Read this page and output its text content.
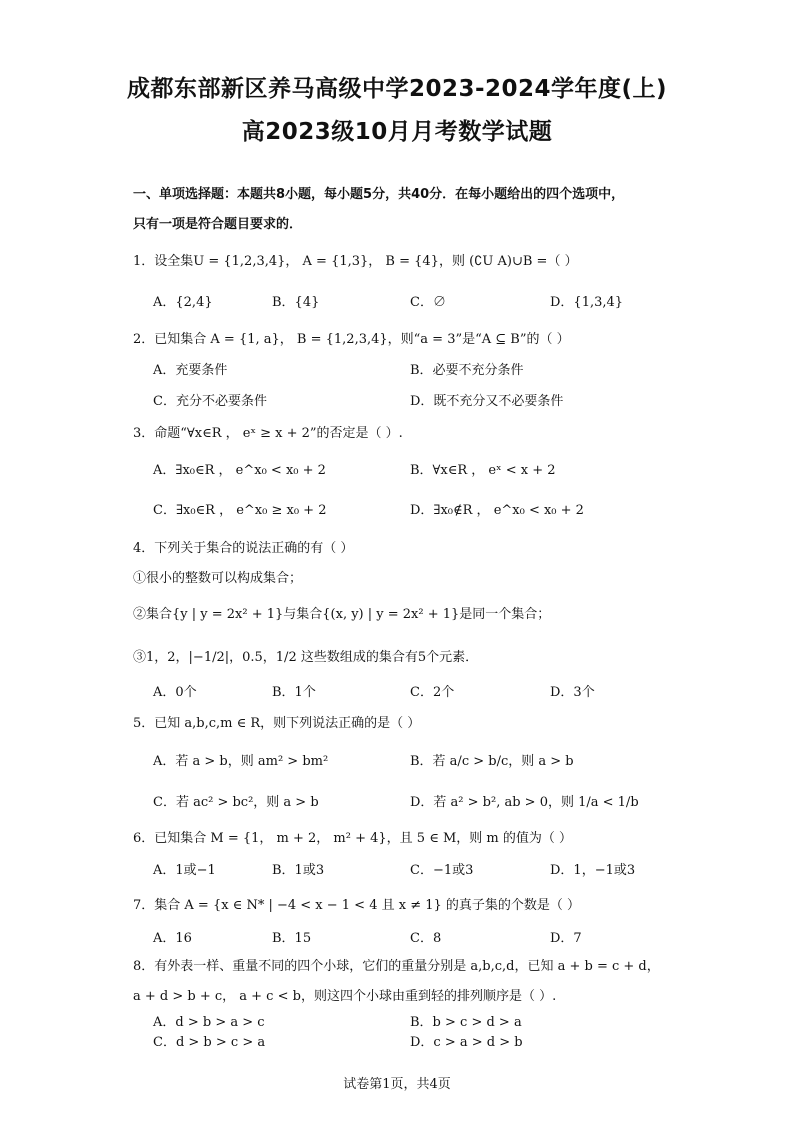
成都东部新区养马高级中学2023-2024学年度(上)
高2023级10月月考数学试题
一、单项选择题：本题共8小题，每小题5分，共40分．在每小题给出的四个选项中，
只有一项是符合题目要求的．
1．设全集U = {1,2,3,4}， A = {1,3}， B = {4}，则 (∁U A)∪B =（ ）
A．{2,4}	B．{4}	C．∅	D．{1,3,4}
2．已知集合 A = {1, a}， B = {1,2,3,4}，则“a = 3”是“A ⊆ B”的（ ）
A．充要条件	B．必要不充分条件
C．充分不必要条件	D．既不充分又不必要条件
3．命题“∀x∈R ， eˣ ≥ x + 2”的否定是（ ）.
A．∃x₀∈R ， e^x₀ < x₀ + 2	B．∀x∈R ， eˣ < x + 2
C．∃x₀∈R ， e^x₀ ≥ x₀ + 2	D．∃x₀∉R ， e^x₀ < x₀ + 2
4．下列关于集合的说法正确的有（ ）
①很小的整数可以构成集合；
②集合{y | y = 2x² + 1}与集合{(x, y) | y = 2x² + 1}是同一个集合；
③1，2，|−1/2|，0.5，1/2 这些数组成的集合有5个元素．
A．0个	B．1个	C．2个	D．3个
5．已知 a,b,c,m ∈ R，则下列说法正确的是（ ）
A．若 a > b，则 am² > bm²	B．若 a/c > b/c，则 a > b
C．若 ac² > bc²，则 a > b	D．若 a² > b², ab > 0，则 1/a < 1/b
6．已知集合 M = {1， m + 2， m² + 4}，且 5 ∈ M，则 m 的值为（ ）
A．1或−1	B．1或3	C．−1或3	D．1，−1或3
7．集合 A = {x ∈ N* | −4 < x − 1 < 4 且 x ≠ 1} 的真子集的个数是（ ）
A．16	B．15	C．8	D．7
8．有外表一样、重量不同的四个小球，它们的重量分别是 a,b,c,d，已知 a + b = c + d，
a + d > b + c， a + c < b，则这四个小球由重到轻的排列顺序是（ ）.
A．d > b > a > c	B．b > c > d > a
C．d > b > c > a	D．c > a > d > b
试卷第1页，共4页
